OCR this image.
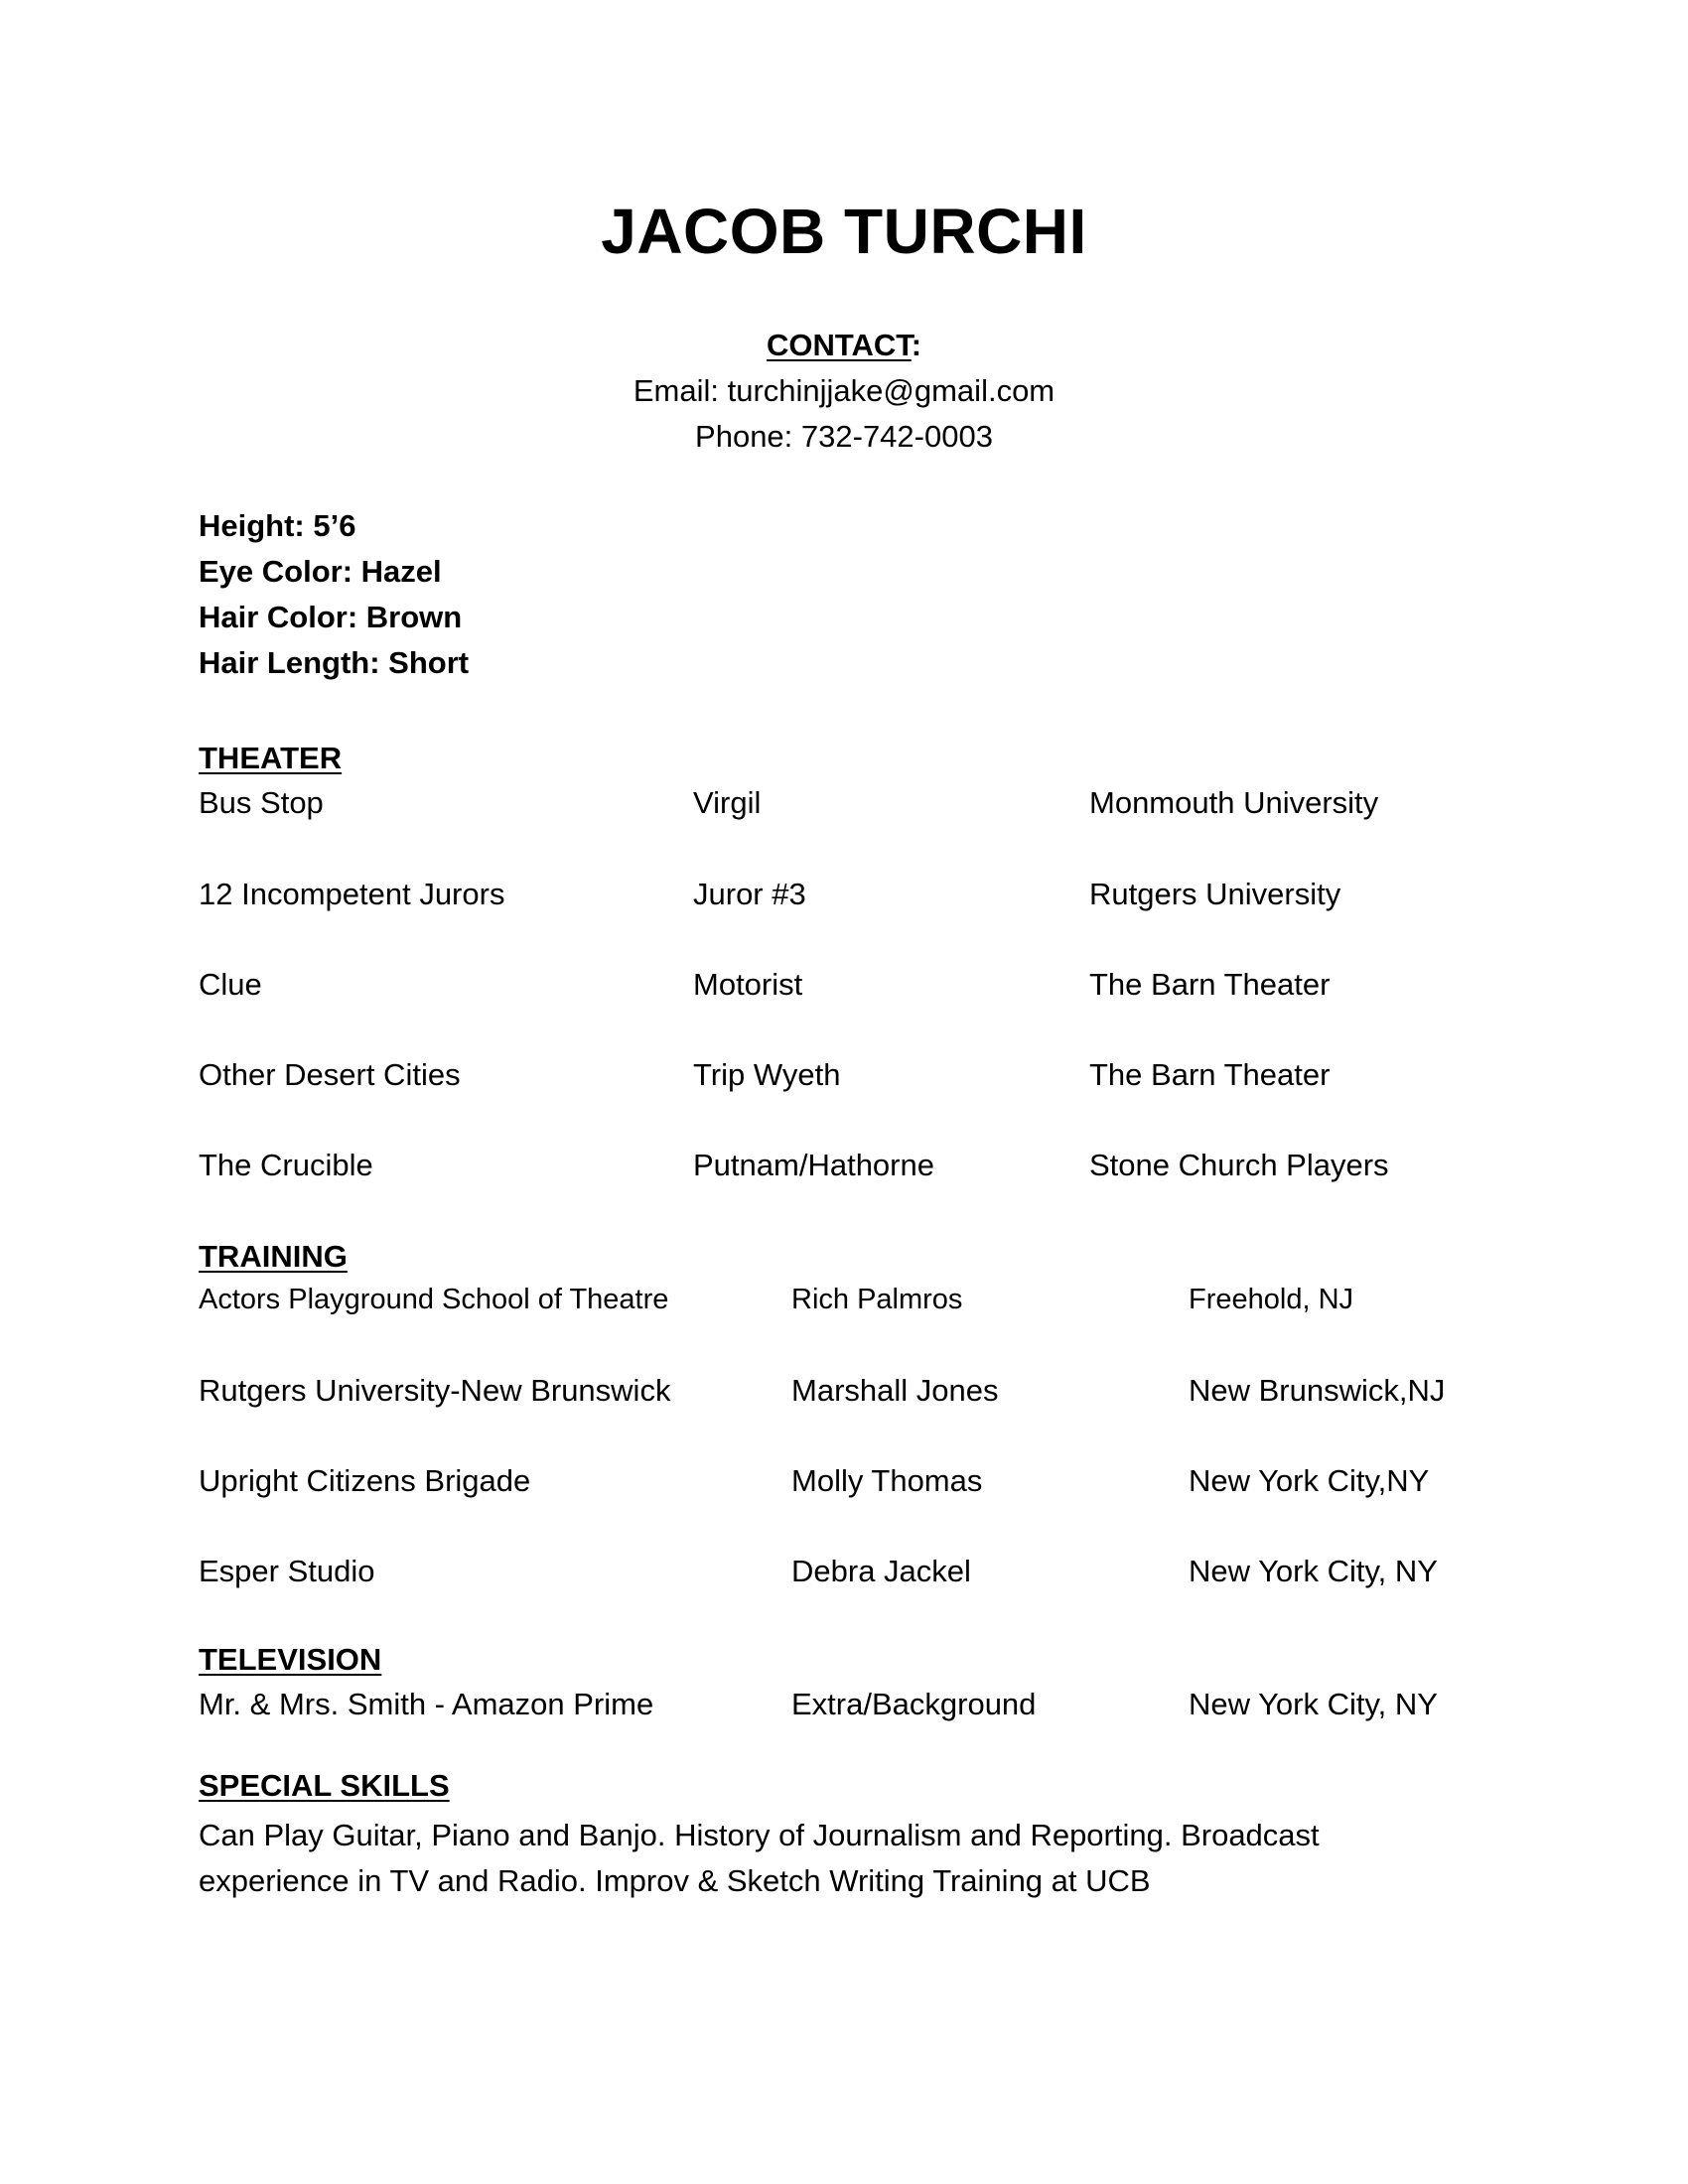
JACOB TURCHI
CONTACT:
Email: turchinjjake@gmail.com
Phone: 732-742-0003
Height: 5’6
Eye Color: Hazel
Hair Color: Brown
Hair Length: Short
THEATER
Bus Stop	Virgil	Monmouth University
12 Incompetent Jurors	Juror #3	Rutgers University
Clue	Motorist	The Barn Theater
Other Desert Cities	Trip Wyeth	The Barn Theater
The Crucible	Putnam/Hathorne	Stone Church Players
TRAINING
Actors Playground School of Theatre	Rich Palmros	Freehold, NJ
Rutgers University-New Brunswick	Marshall Jones	New Brunswick,NJ
Upright Citizens Brigade	Molly Thomas	New York City,NY
Esper Studio	Debra Jackel	New York City, NY
TELEVISION
Mr. & Mrs. Smith - Amazon Prime	Extra/Background	New York City, NY
SPECIAL SKILLS
Can Play Guitar, Piano and Banjo. History of Journalism and Reporting. Broadcast
experience in TV and Radio. Improv & Sketch Writing Training at UCB
